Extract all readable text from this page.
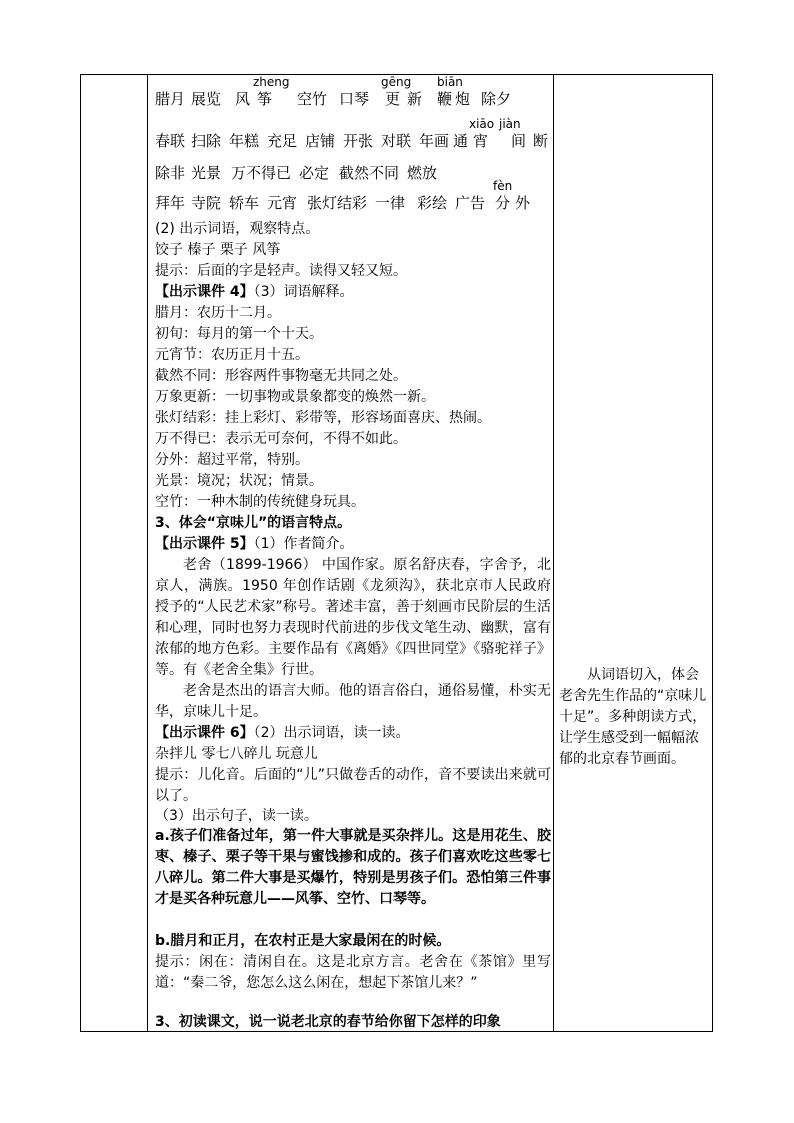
腊月 展览 风 筝
zheng
空竹 口琴 更
gēng
新 鞭
biān
炮 除夕
春联 扫除 年糕 充足 店铺 开张 对联 年画 通 宵
xiāo
间
jiàn
断
除非 光景 万不得已 必定 截然不同 燃放
拜年 寺院 轿车 元宵 张灯结彩 一律 彩绘 广告 分
fèn
外
(2) 出示词语，观察特点。
饺子 榛子 栗子 风筝
提示：后面的字是轻声。读得又轻又短。
【出示课件 4】（3）词语解释。
腊月：农历十二月。
初旬：每月的第一个十天。
元宵节：农历正月十五。
截然不同：形容两件事物毫无共同之处。
万象更新：一切事物或景象都变的焕然一新。
张灯结彩：挂上彩灯、彩带等，形容场面喜庆、热闹。
万不得已：表示无可奈何，不得不如此。
分外：超过平常，特别。
光景：境况；状况；情景。
空竹：一种木制的传统健身玩具。
3、体会“京味儿”的语言特点。
【出示课件 5】（1）作者简介。
老舍（1899-1966） 中国作家。原名舒庆春，字舍予，北京人，满族。1950 年创作话剧《龙须沟》，获北京市人民政府授予的“人民艺术家”称号。著述丰富，善于刻画市民阶层的生活和心理，同时也努力表现时代前进的步伐文笔生动、幽默，富有浓郁的地方色彩。主要作品有《离婚》《四世同堂》《骆驼祥子》等。有《老舍全集》行世。
老舍是杰出的语言大师。他的语言俗白，通俗易懂，朴实无华，京味儿十足。
【出示课件 6】（2）出示词语，读一读。
杂拌儿 零七八碎儿 玩意儿
提示：儿化音。后面的“儿”只做卷舌的动作，音不要读出来就可以了。
（3）出示句子，读一读。
a.孩子们准备过年，第一件大事就是买杂拌儿。这是用花生、胶枣、榛子、栗子等干果与蜜饯掺和成的。孩子们喜欢吃这些零七八碎儿。第二件大事是买爆竹，特别是男孩子们。恐怕第三件事才是买各种玩意儿——风筝、空竹、口琴等。
b.腊月和正月，在农村正是大家最闲在的时候。
提示：闲在：清闲自在。这是北京方言。老舍在《茶馆》里写道：“秦二爷，您怎么这么闲在，想起下茶馆儿来？”
3、初读课文，说一说老北京的春节给你留下怎样的印象
从词语切入，体会老舍先生作品的“京味儿十足”。多种朗读方式，让学生感受到一幅幅浓郁的北京春节画面。
